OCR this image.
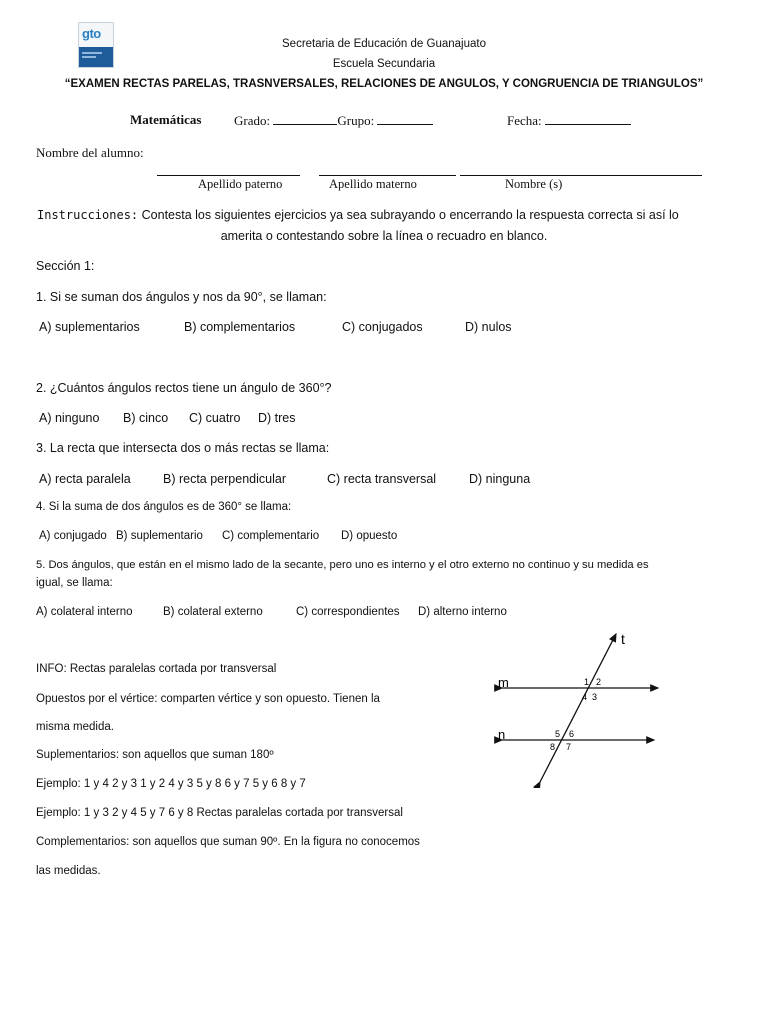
gto
Secretaria de Educación de Guanajuato
Escuela Secundaria
“EXAMEN RECTAS PARELAS, TRASNVERSALES, RELACIONES DE ANGULOS, Y CONGRUENCIA DE TRIANGULOS”
Matemáticas	Grado:	Grupo:	Fecha:
Nombre del alumno:
Apellido paterno	Apellido materno	Nombre (s)
Instrucciones: Contesta los siguientes ejercicios ya sea subrayando o encerrando la respuesta correcta si así lo
amerita o contestando sobre la línea o recuadro en blanco.
Sección 1:
1. Si se suman dos ángulos y nos da 90°, se llaman:
A) suplementarios	B) complementarios	C) conjugados	D) nulos
2. ¿Cuántos ángulos rectos tiene un ángulo de 360°?
A) ninguno B) cinco C) cuatro D) tres
3. La recta que intersecta dos o más rectas se llama:
A) recta paralela	B) recta perpendicular	C) recta transversal	D) ninguna
4. Si la suma de dos ángulos es de 360° se llama:
A) conjugado B) suplementario C) complementario D) opuesto
5. Dos ángulos, que están en el mismo lado de la secante, pero uno es interno y el otro externo no continuo y su medida es
igual, se llama:
A) colateral interno	B) colateral externo	C) correspondientes D) alterno interno
INFO: Rectas paralelas cortada por transversal
Opuestos por el vértice: comparten vértice y son opuesto. Tienen la
misma medida.
Suplementarios: son aquellos que suman 180º
Ejemplo: 1 y 4 2 y 3 1 y 2 4 y 3 5 y 8 6 y 7 5 y 6 8 y 7
Ejemplo: 1 y 3 2 y 4 5 y 7 6 y 8 Rectas paralelas cortada por transversal
Complementarios: son aquellos que suman 90º. En la figura no conocemos
las medidas.
t
m
n
1 2
4 3
5 6
8 7
